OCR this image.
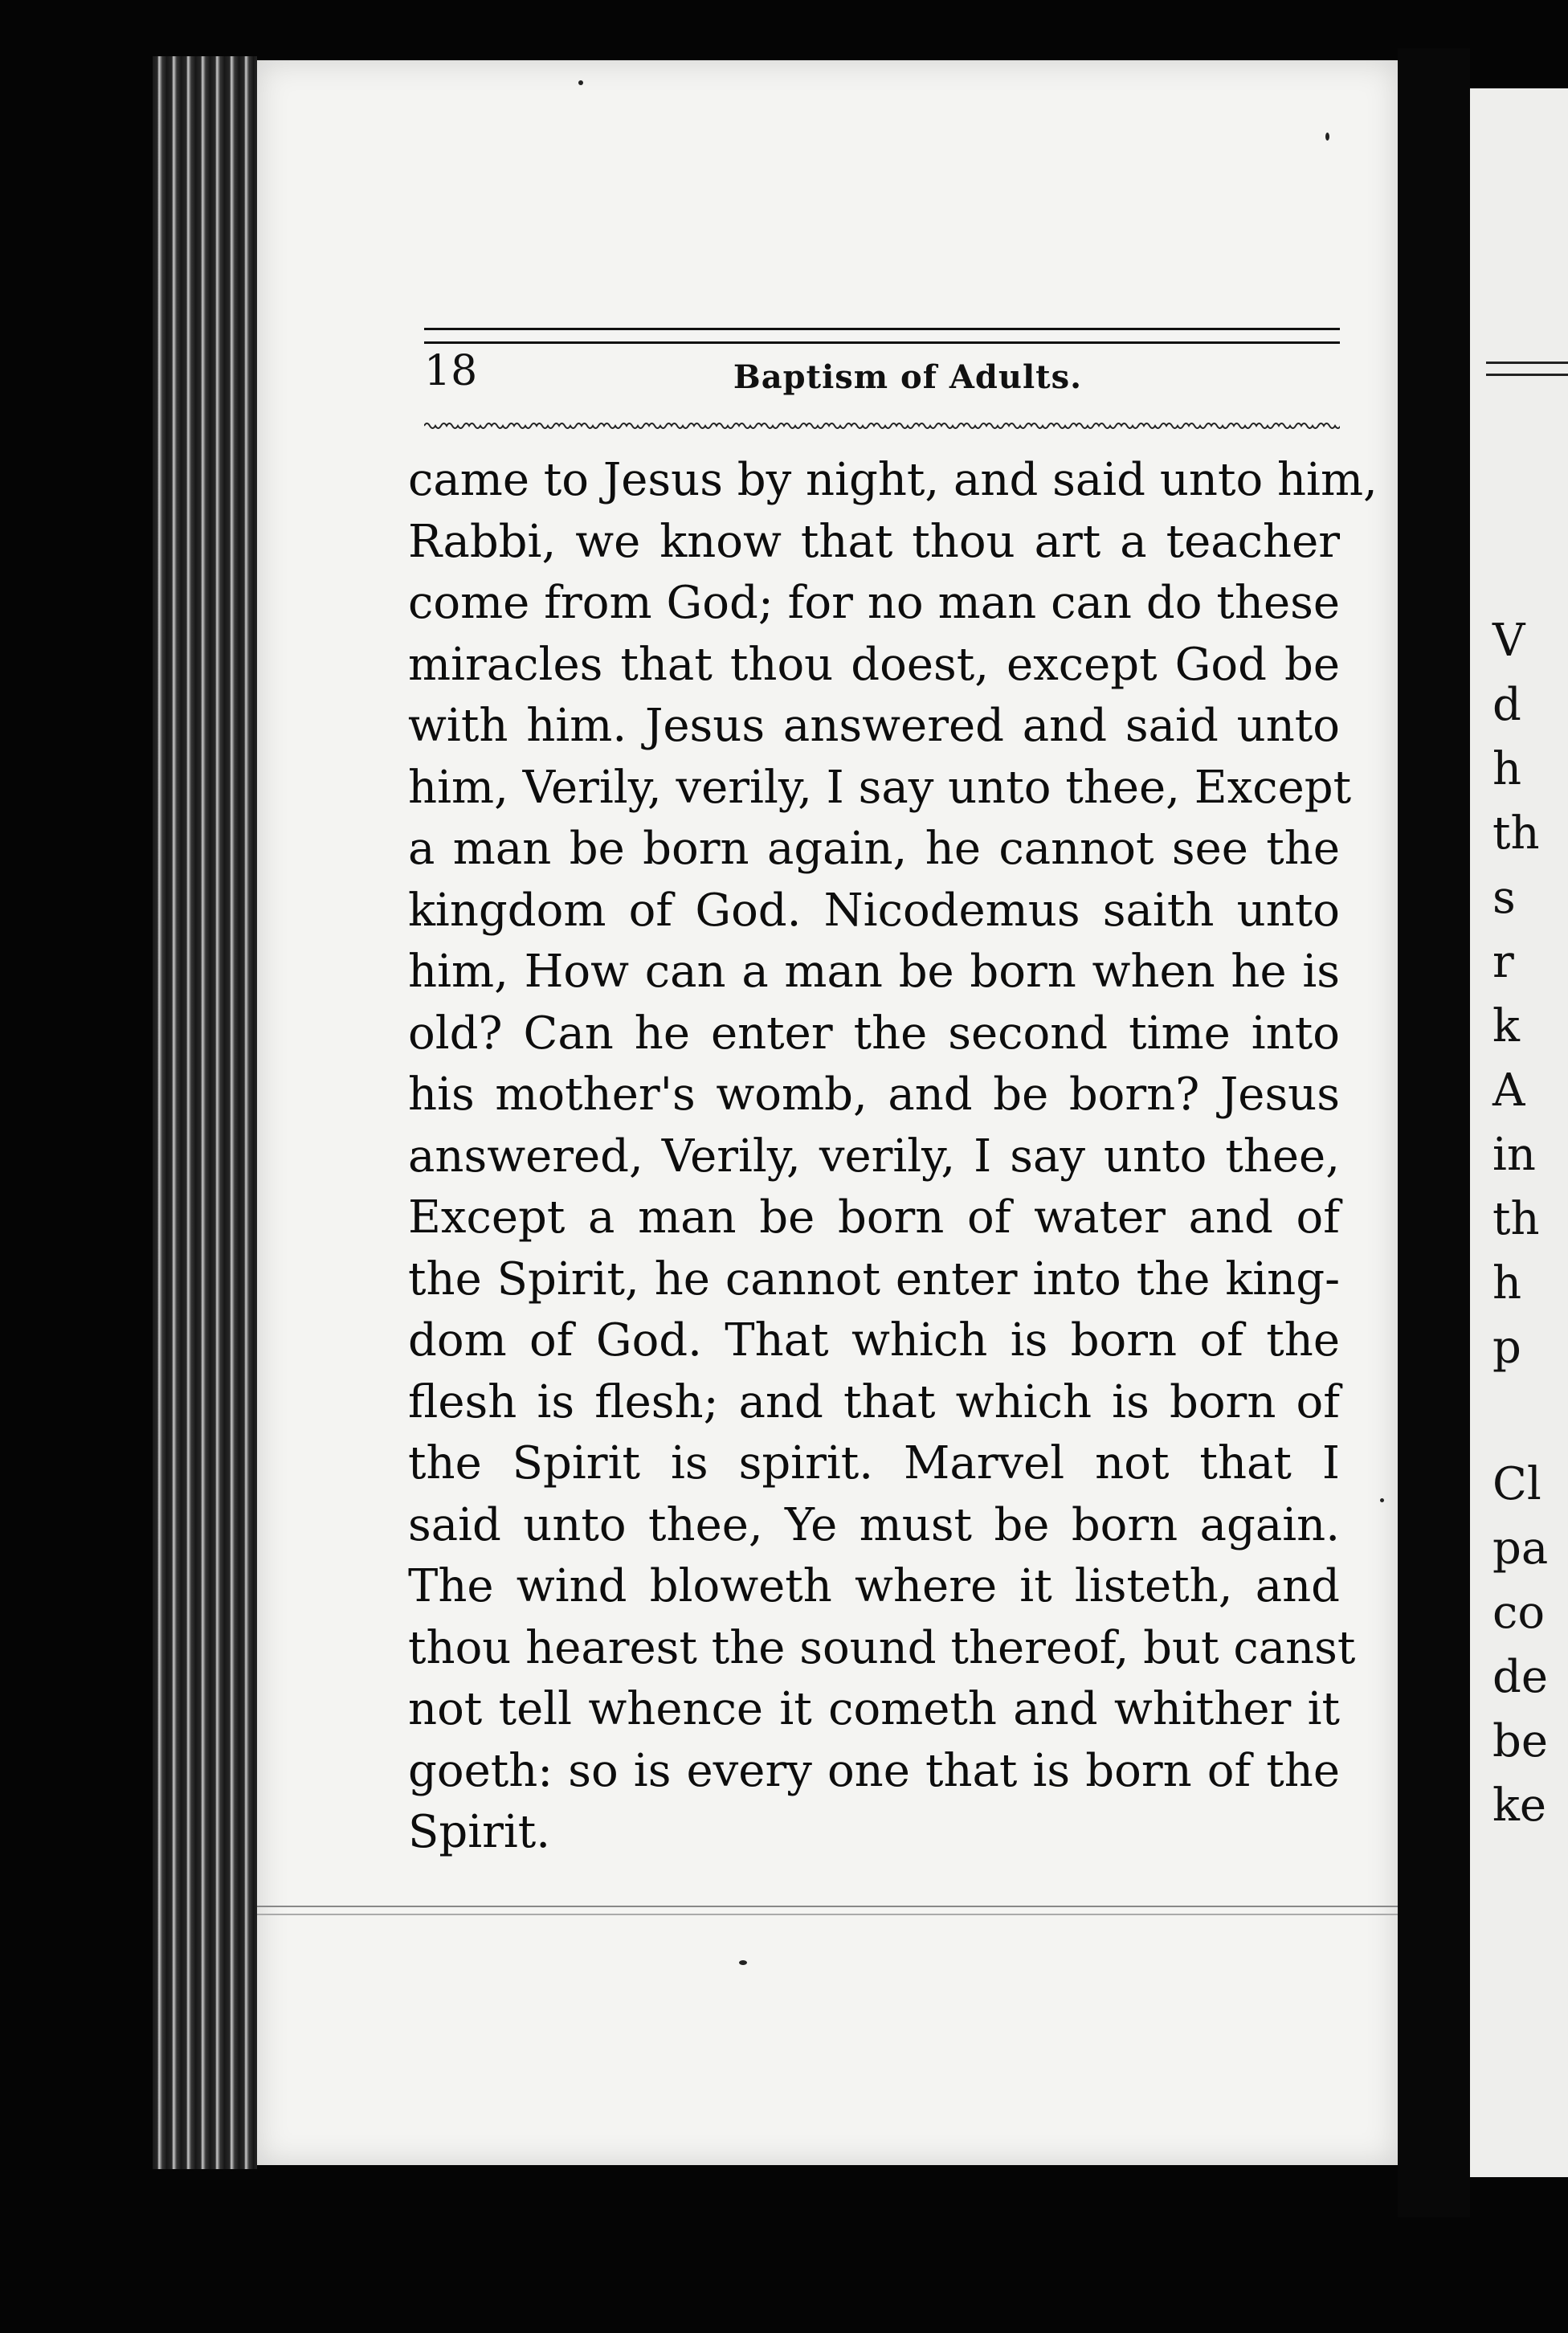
V
d
h
th
s
r
k
A
in
th
h
p
Cl
pa
co
de
be
ke
18	Baptism of Adults.
came to Jesus by night, and said unto him,
Rabbi, we know that thou art a teacher
come from God; for no man can do these
miracles that thou doest, except God be
with him. Jesus answered and said unto
him, Verily, verily, I say unto thee, Except
a man be born again, he cannot see the
kingdom of God. Nicodemus saith unto
him, How can a man be born when he is
old? Can he enter the second time into
his mother's womb, and be born? Jesus
answered, Verily, verily, I say unto thee,
Except a man be born of water and of
the Spirit, he cannot enter into the king-
dom of God. That which is born of the
flesh is flesh; and that which is born of
the Spirit is spirit. Marvel not that I
said unto thee, Ye must be born again.
The wind bloweth where it listeth, and
thou hearest the sound thereof, but canst
not tell whence it cometh and whither it
goeth: so is every one that is born of the
Spirit.
